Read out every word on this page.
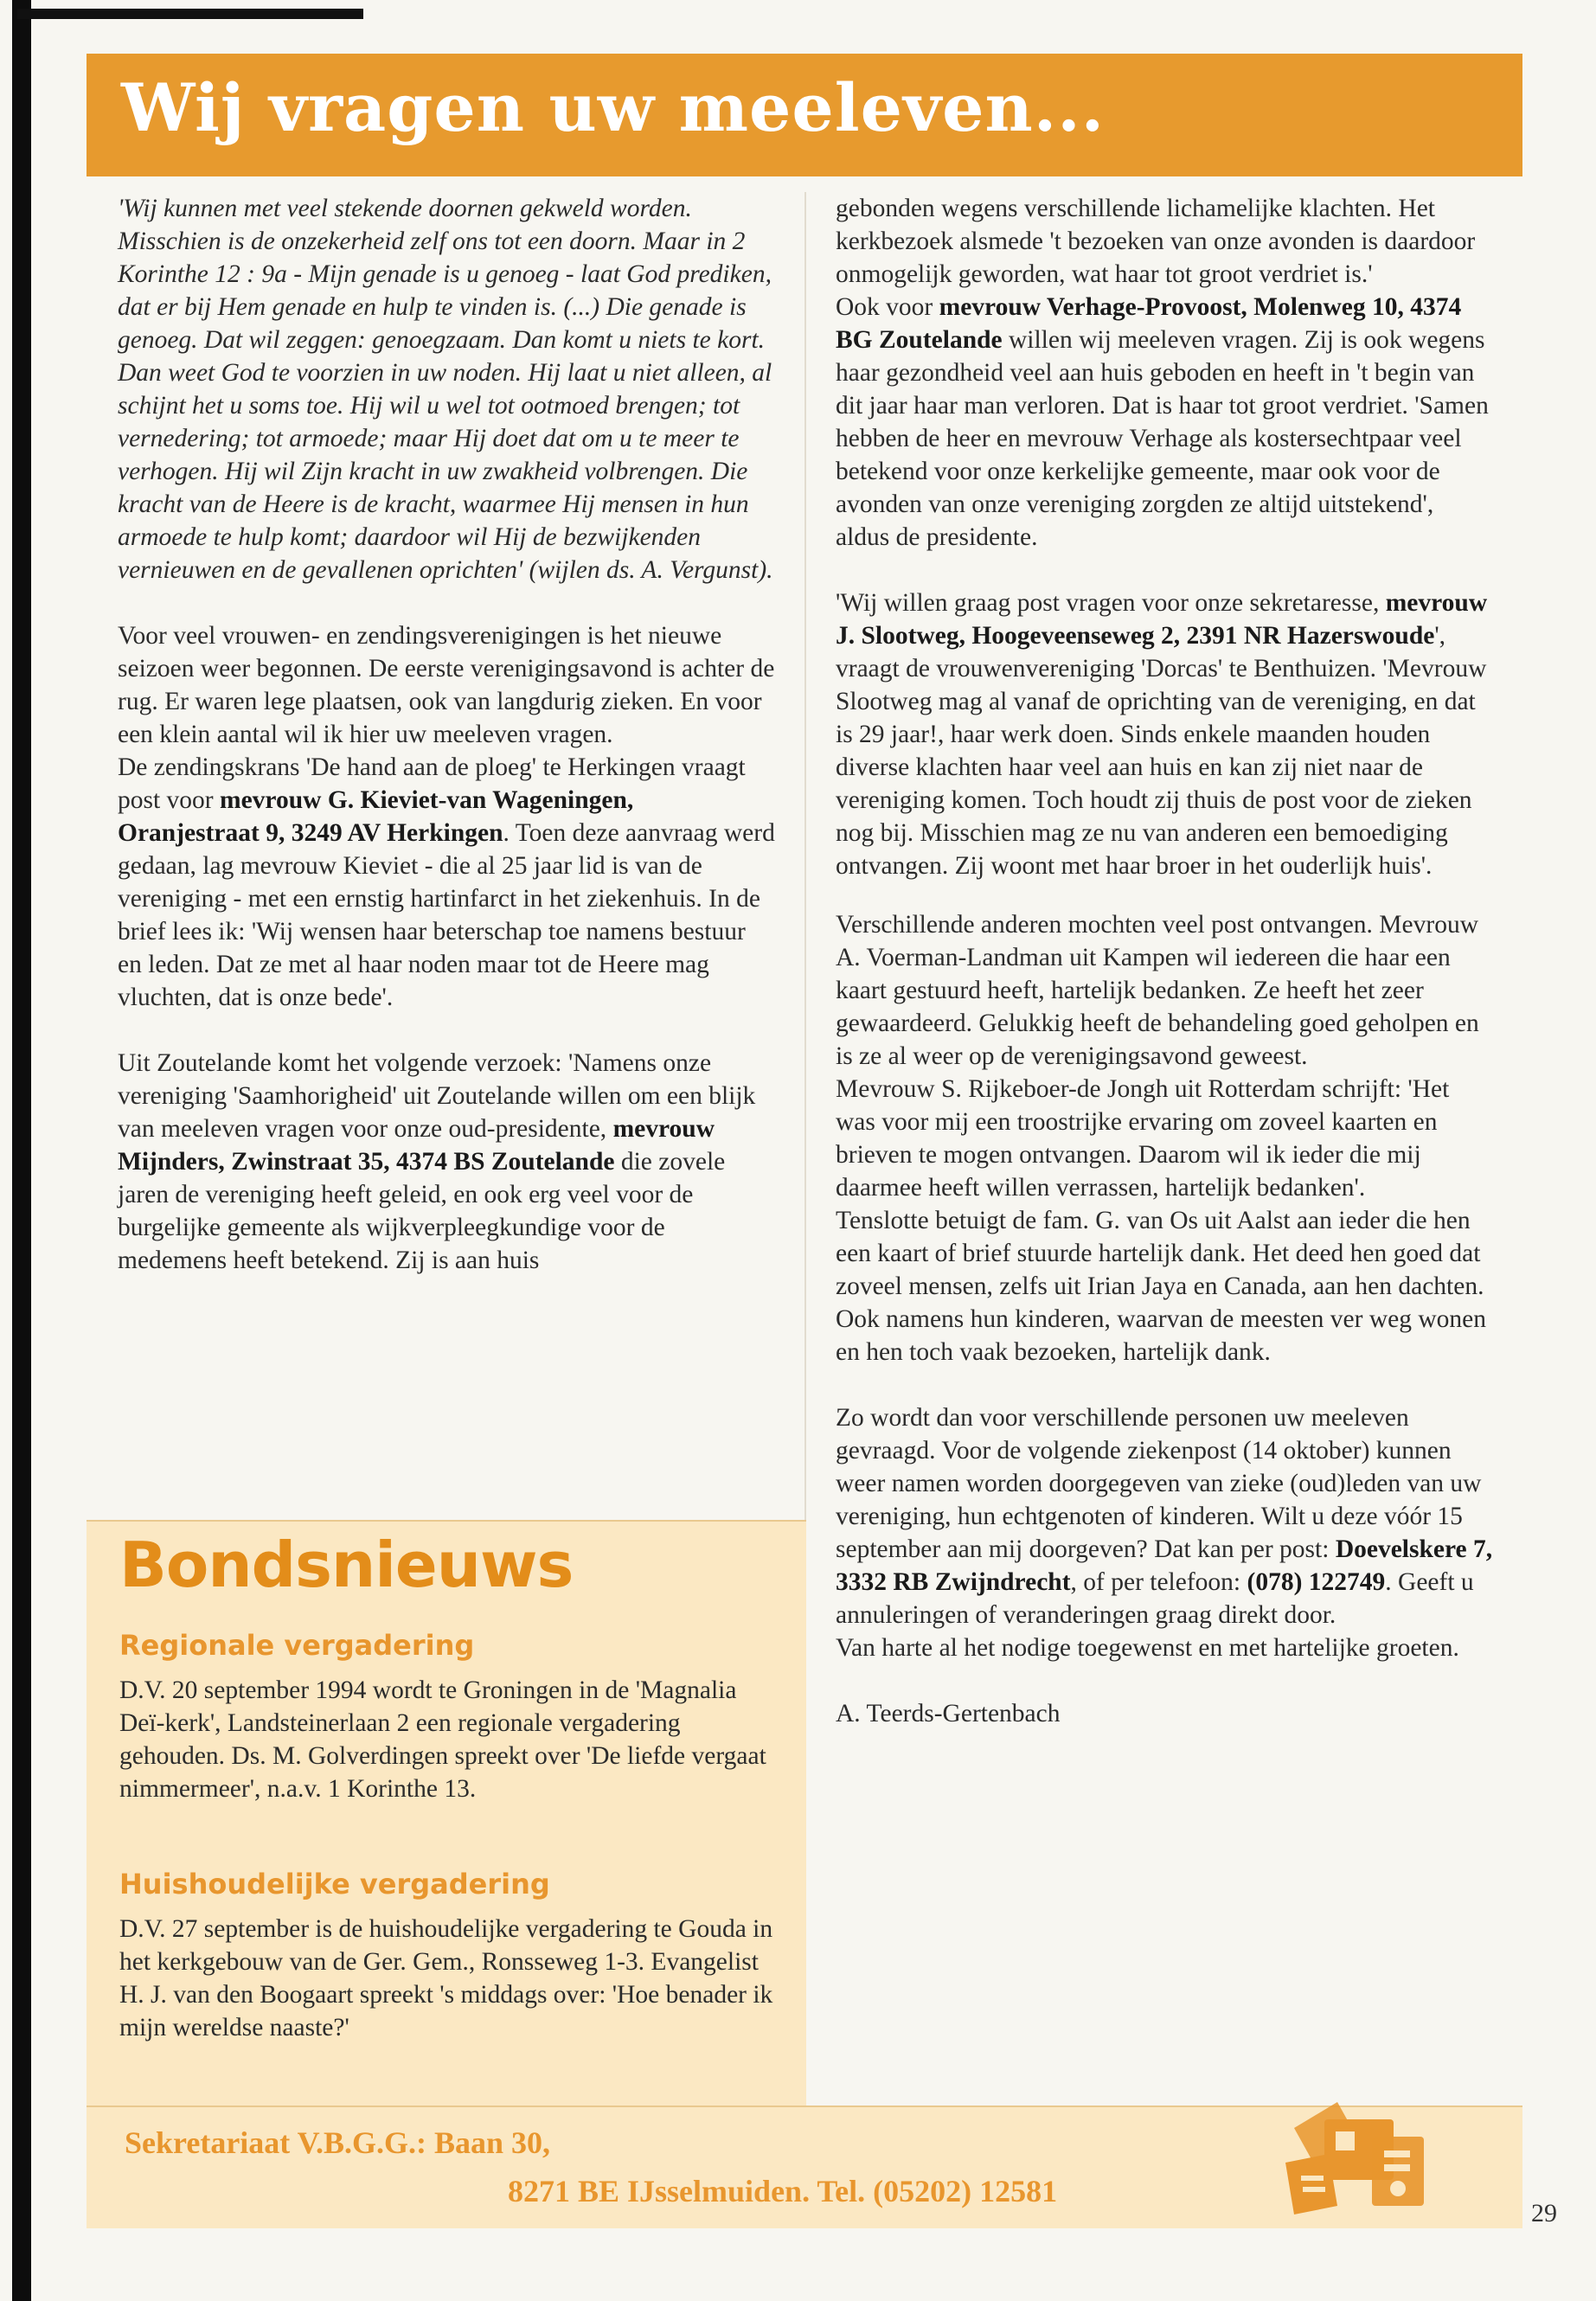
Wij vragen uw meeleven...

'Wij kunnen met veel stekende doornen gekweld worden. Misschien is de onzekerheid zelf ons tot een doorn. Maar in 2 Korinthe 12 : 9a - Mijn genade is u genoeg - laat God prediken, dat er bij Hem genade en hulp te vinden is. (...) Die genade is genoeg. Dat wil zeggen: genoegzaam. Dan komt u niets te kort. Dan weet God te voorzien in uw noden. Hij laat u niet alleen, al schijnt het u soms toe. Hij wil u wel tot ootmoed brengen; tot vernedering; tot armoede; maar Hij doet dat om u te meer te verhogen. Hij wil Zijn kracht in uw zwakheid volbrengen. Die kracht van de Heere is de kracht, waarmee Hij mensen in hun armoede te hulp komt; daardoor wil Hij de bezwijkenden vernieuwen en de gevallenen oprichten' (wijlen ds. A. Vergunst).

Voor veel vrouwen- en zendingsverenigingen is het nieuwe seizoen weer begonnen. De eerste verenigingsavond is achter de rug. Er waren lege plaatsen, ook van langdurig zieken. En voor een klein aantal wil ik hier uw meeleven vragen.

De zendingskrans 'De hand aan de ploeg' te Herkingen vraagt post voor mevrouw G. Kieviet-van Wageningen, Oranjestraat 9, 3249 AV Herkingen. Toen deze aanvraag werd gedaan, lag mevrouw Kieviet - die al 25 jaar lid is van de vereniging - met een ernstig hartinfarct in het ziekenhuis. In de brief lees ik: 'Wij wensen haar beterschap toe namens bestuur en leden. Dat ze met al haar noden maar tot de Heere mag vluchten, dat is onze bede'.

Uit Zoutelande komt het volgende verzoek: 'Namens onze vereniging 'Saamhorigheid' uit Zoutelande willen om een blijk van meeleven vragen voor onze oud-presidente, mevrouw Mijnders, Zwinstraat 35, 4374 BS Zoutelande die zovele jaren de vereniging heeft geleid, en ook erg veel voor de burgelijke gemeente als wijkverpleegkundige voor de medemens heeft betekend. Zij is aan huis

gebonden wegens verschillende lichamelijke klachten. Het kerkbezoek alsmede 't bezoeken van onze avonden is daardoor onmogelijk geworden, wat haar tot groot verdriet is.'

Ook voor mevrouw Verhage-Provoost, Molenweg 10, 4374 BG Zoutelande willen wij meeleven vragen. Zij is ook wegens haar gezondheid veel aan huis geboden en heeft in 't begin van dit jaar haar man verloren. Dat is haar tot groot verdriet. 'Samen hebben de heer en mevrouw Verhage als kostersechtpaar veel betekend voor onze kerkelijke gemeente, maar ook voor de avonden van onze vereniging zorgden ze altijd uitstekend', aldus de presidente.

'Wij willen graag post vragen voor onze sekretaresse, mevrouw J. Slootweg, Hoogeveenseweg 2, 2391 NR Hazerswoude', vraagt de vrouwenvereniging 'Dorcas' te Benthuizen. 'Mevrouw Slootweg mag al vanaf de oprichting van de vereniging, en dat is 29 jaar!, haar werk doen. Sinds enkele maanden houden diverse klachten haar veel aan huis en kan zij niet naar de vereniging komen. Toch houdt zij thuis de post voor de zieken nog bij. Misschien mag ze nu van anderen een bemoediging ontvangen. Zij woont met haar broer in het ouderlijk huis'.

Verschillende anderen mochten veel post ontvangen. Mevrouw A. Voerman-Landman uit Kampen wil iedereen die haar een kaart gestuurd heeft, hartelijk bedanken. Ze heeft het zeer gewaardeerd. Gelukkig heeft de behandeling goed geholpen en is ze al weer op de verenigingsavond geweest.

Mevrouw S. Rijkeboer-de Jongh uit Rotterdam schrijft: 'Het was voor mij een troostrijke ervaring om zoveel kaarten en brieven te mogen ontvangen. Daarom wil ik ieder die mij daarmee heeft willen verrassen, hartelijk bedanken'.

Tenslotte betuigt de fam. G. van Os uit Aalst aan ieder die hen een kaart of brief stuurde hartelijk dank. Het deed hen goed dat zoveel mensen, zelfs uit Irian Jaya en Canada, aan hen dachten. Ook namens hun kinderen, waarvan de meesten ver weg wonen en hen toch vaak bezoeken, hartelijk dank.

Zo wordt dan voor verschillende personen uw meeleven gevraagd. Voor de volgende ziekenpost (14 oktober) kunnen weer namen worden doorgegeven van zieke (oud)leden van uw vereniging, hun echtgenoten of kinderen. Wilt u deze vóór 15 september aan mij doorgeven? Dat kan per post: Doevelskere 7, 3332 RB Zwijndrecht, of per telefoon: (078) 122749. Geeft u annuleringen of veranderingen graag direkt door.

Van harte al het nodige toegewenst en met hartelijke groeten.

A. Teerds-Gertenbach

Bondsnieuws
Regionale vergadering
D.V. 20 september 1994 wordt te Groningen in de 'Magnalia Deï-kerk', Landsteinerlaan 2 een regionale vergadering gehouden. Ds. M. Golverdingen spreekt over 'De liefde vergaat nimmermeer', n.a.v. 1 Korinthe 13.
Huishoudelijke vergadering
D.V. 27 september is de huishoudelijke vergadering te Gouda in het kerkgebouw van de Ger. Gem., Ronsseweg 1-3. Evangelist H. J. van den Boogaart spreekt 's middags over: 'Hoe benader ik mijn wereldse naaste?'
Sekretariaat V.B.G.G.: Baan 30,
8271 BE IJsselmuiden. Tel. (05202) 12581
29
